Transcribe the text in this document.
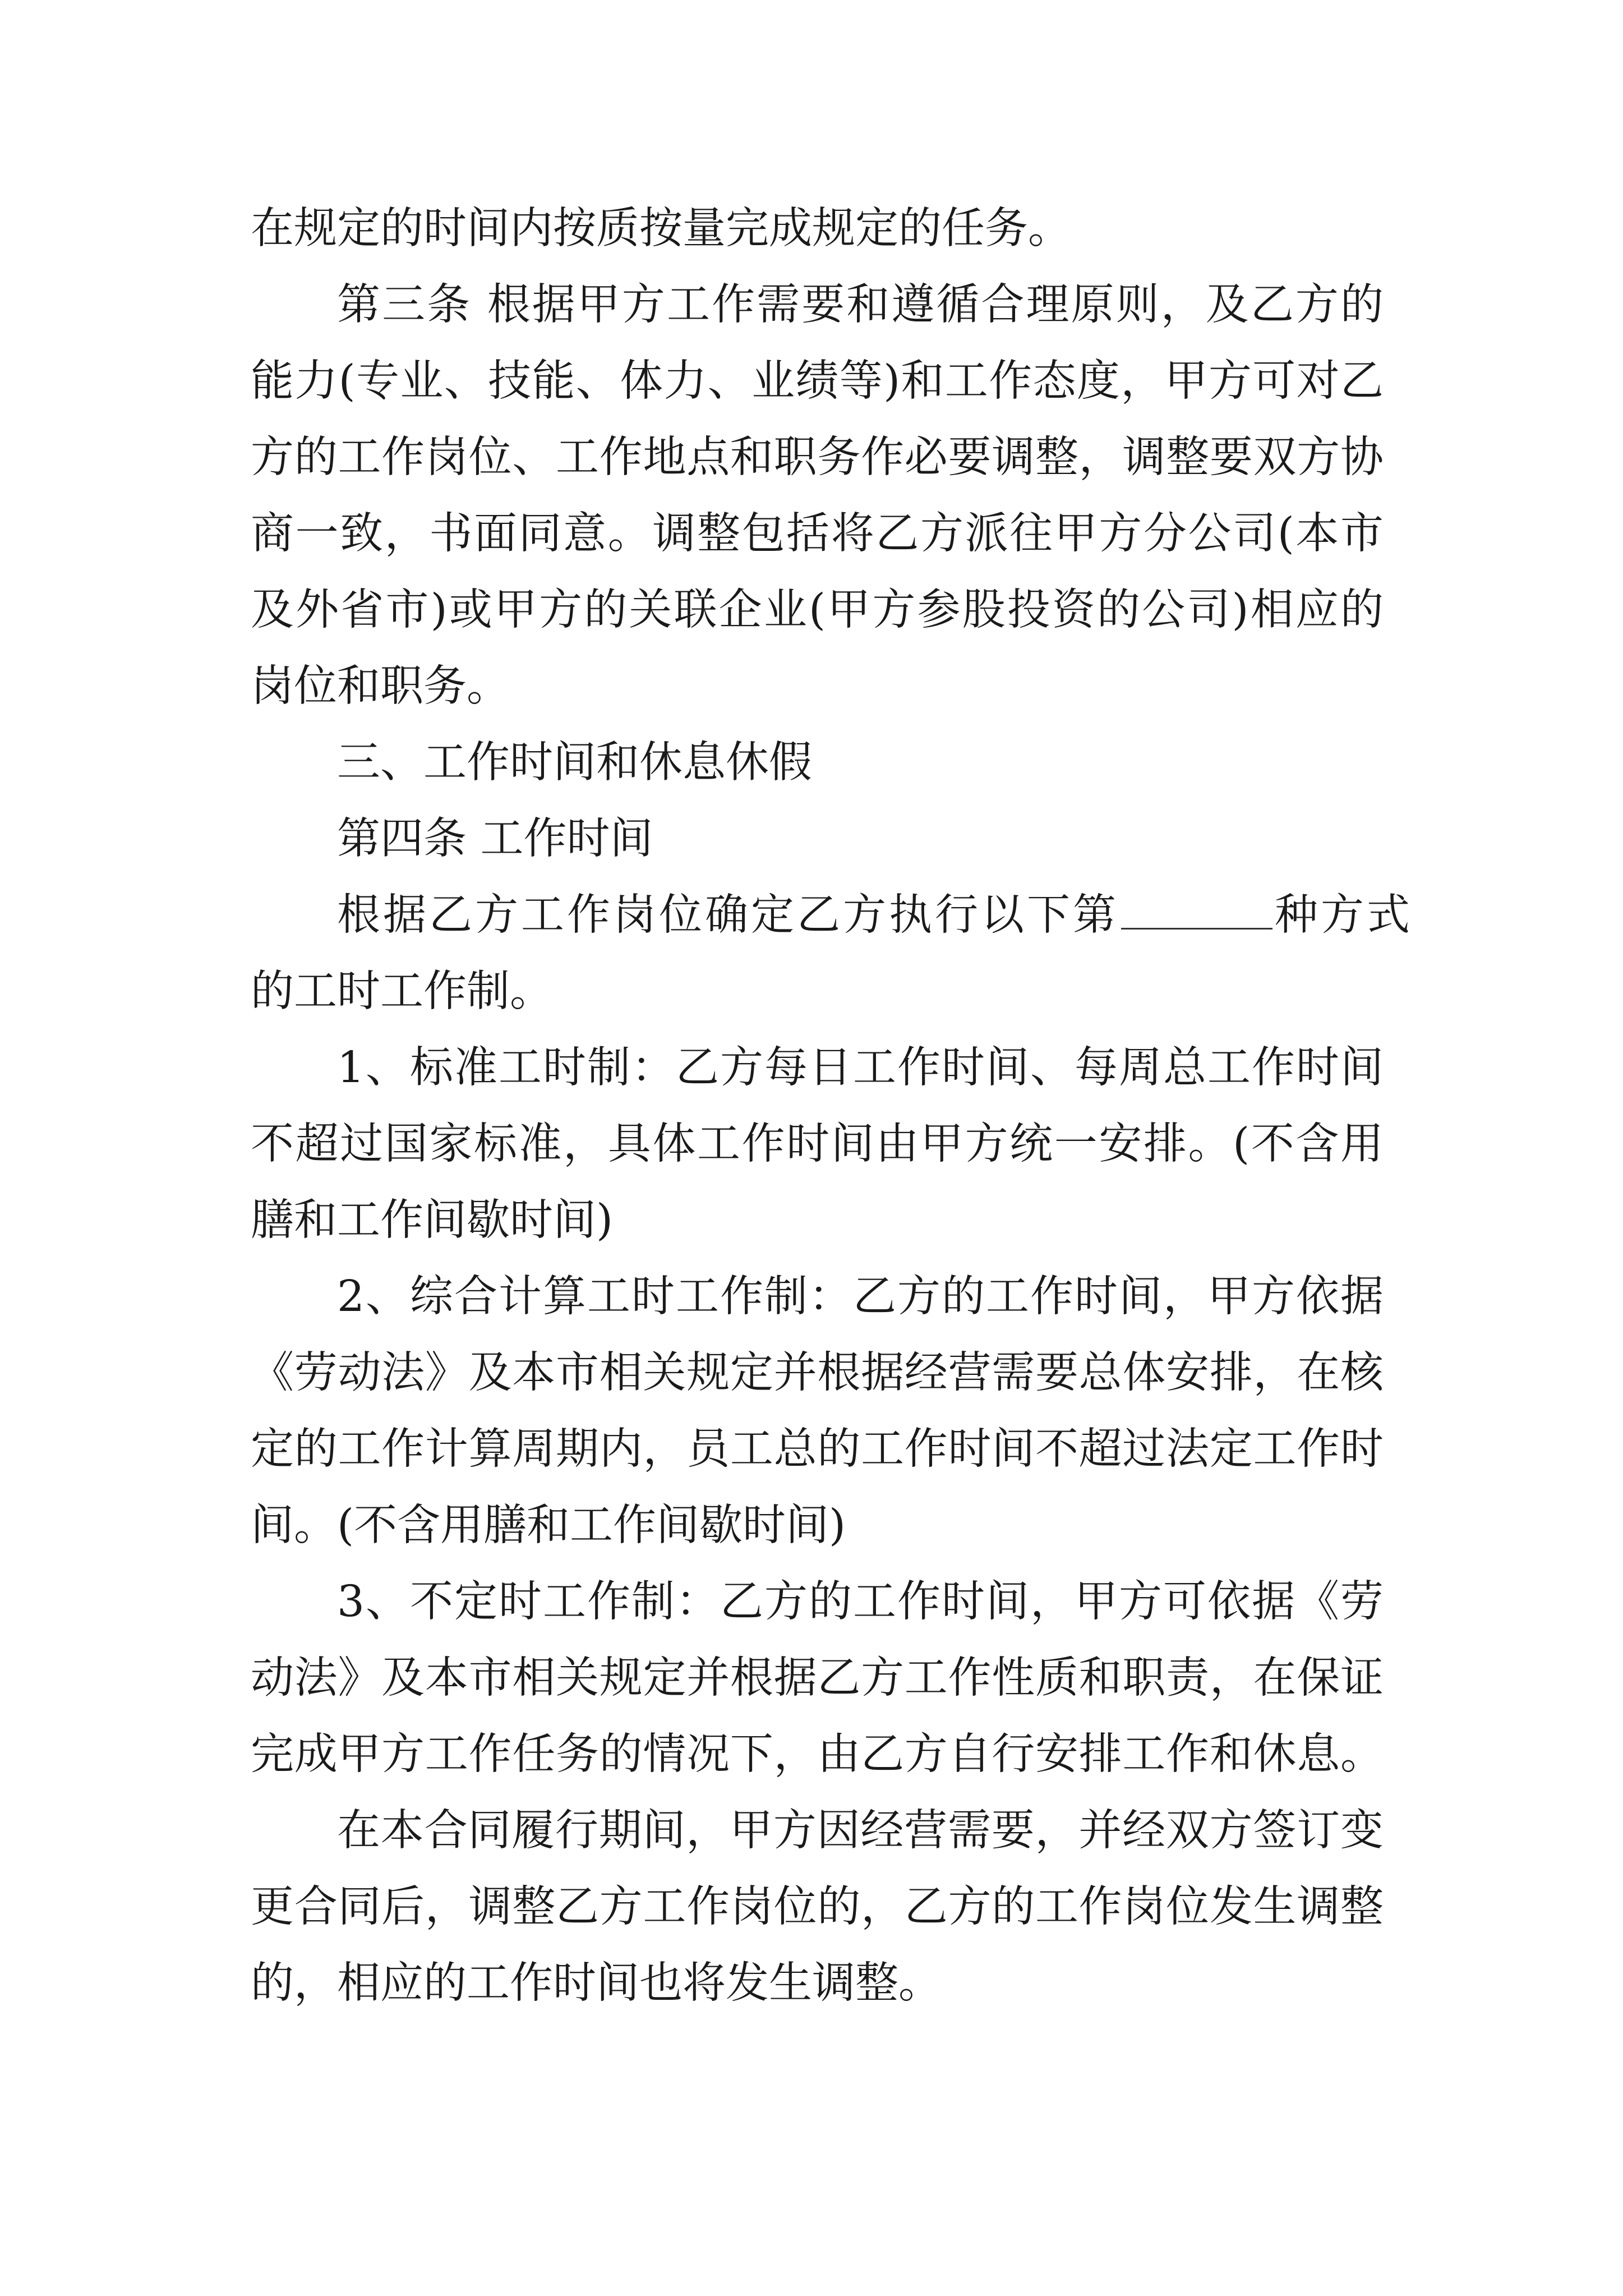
在规定的时间内按质按量完成规定的任务。
第三条 根据甲方工作需要和遵循合理原则，及乙方的
能力(专业、技能、体力、业绩等)和工作态度，甲方可对乙
方的工作岗位、工作地点和职务作必要调整，调整要双方协
商一致，书面同意。调整包括将乙方派往甲方分公司(本市
及外省市)或甲方的关联企业(甲方参股投资的公司)相应的
岗位和职务。
三、工作时间和休息休假
第四条 工作时间
根据乙方工作岗位确定乙方执行以下第	种方式
的工时工作制。
1、标准工时制：乙方每日工作时间、每周总工作时间
不超过国家标准，具体工作时间由甲方统一安排。(不含用
膳和工作间歇时间)
2、综合计算工时工作制：乙方的工作时间，甲方依据
《劳动法》及本市相关规定并根据经营需要总体安排，在核
定的工作计算周期内，员工总的工作时间不超过法定工作时
间。(不含用膳和工作间歇时间)
3、不定时工作制：乙方的工作时间，甲方可依据《劳
动法》及本市相关规定并根据乙方工作性质和职责，在保证
完成甲方工作任务的情况下，由乙方自行安排工作和休息。
在本合同履行期间，甲方因经营需要，并经双方签订变
更合同后，调整乙方工作岗位的，乙方的工作岗位发生调整
的，相应的工作时间也将发生调整。
